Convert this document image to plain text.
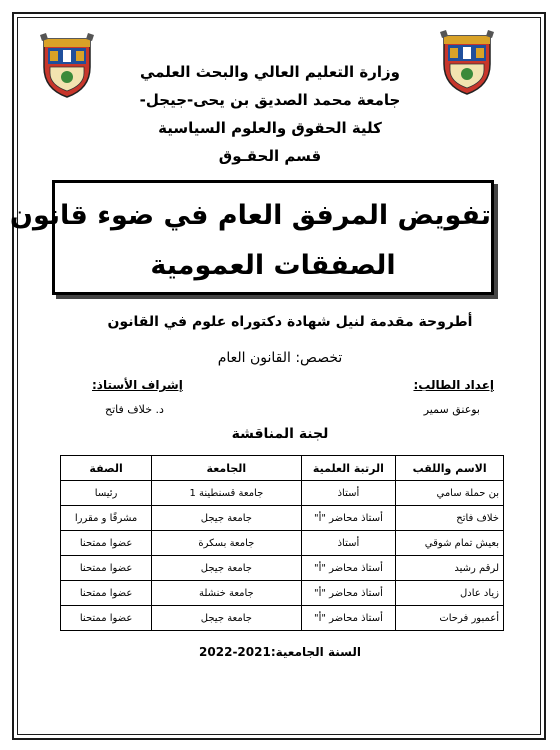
وزارة التعليم العالي والبحث العلمي
جامعة محمد الصديق بن يحى-جيجل-
كلية الحقوق والعلوم السياسية
قسم الحقـوق
تفويض المرفق العام في ضوء قانون
الصفقات العمومية
أطروحة مقدمة لنيل شهادة دكتوراه علوم في القانون
تخصص: القانون العام
إعداد الطالب:
بوعنق سمير
إشراف الأستاذ:
د. خلاف فاتح
لجنة المناقشة
الاسم واللقب	الرتبة العلمية	الجامعة	الصفة
بن حملة سامي	أستاذ	جامعة قسنطينة 1	رئيسا
خلاف فاتح	أستاذ محاضر "أ"	جامعة جيجل	مشرفًا و مقررا
بعيش تمام شوقي	أستاذ	جامعة بسكرة	عضوا ممتحنا
لرقم رشيد	أستاذ محاضر "أ"	جامعة جيجل	عضوا ممتحنا
زياد عادل	أستاذ محاضر "أ"	جامعة خنشلة	عضوا ممتحنا
أعمبور فرحات	أستاذ محاضر "أ"	جامعة جيجل	عضوا ممتحنا
السنة الجامعية:2021-2022
